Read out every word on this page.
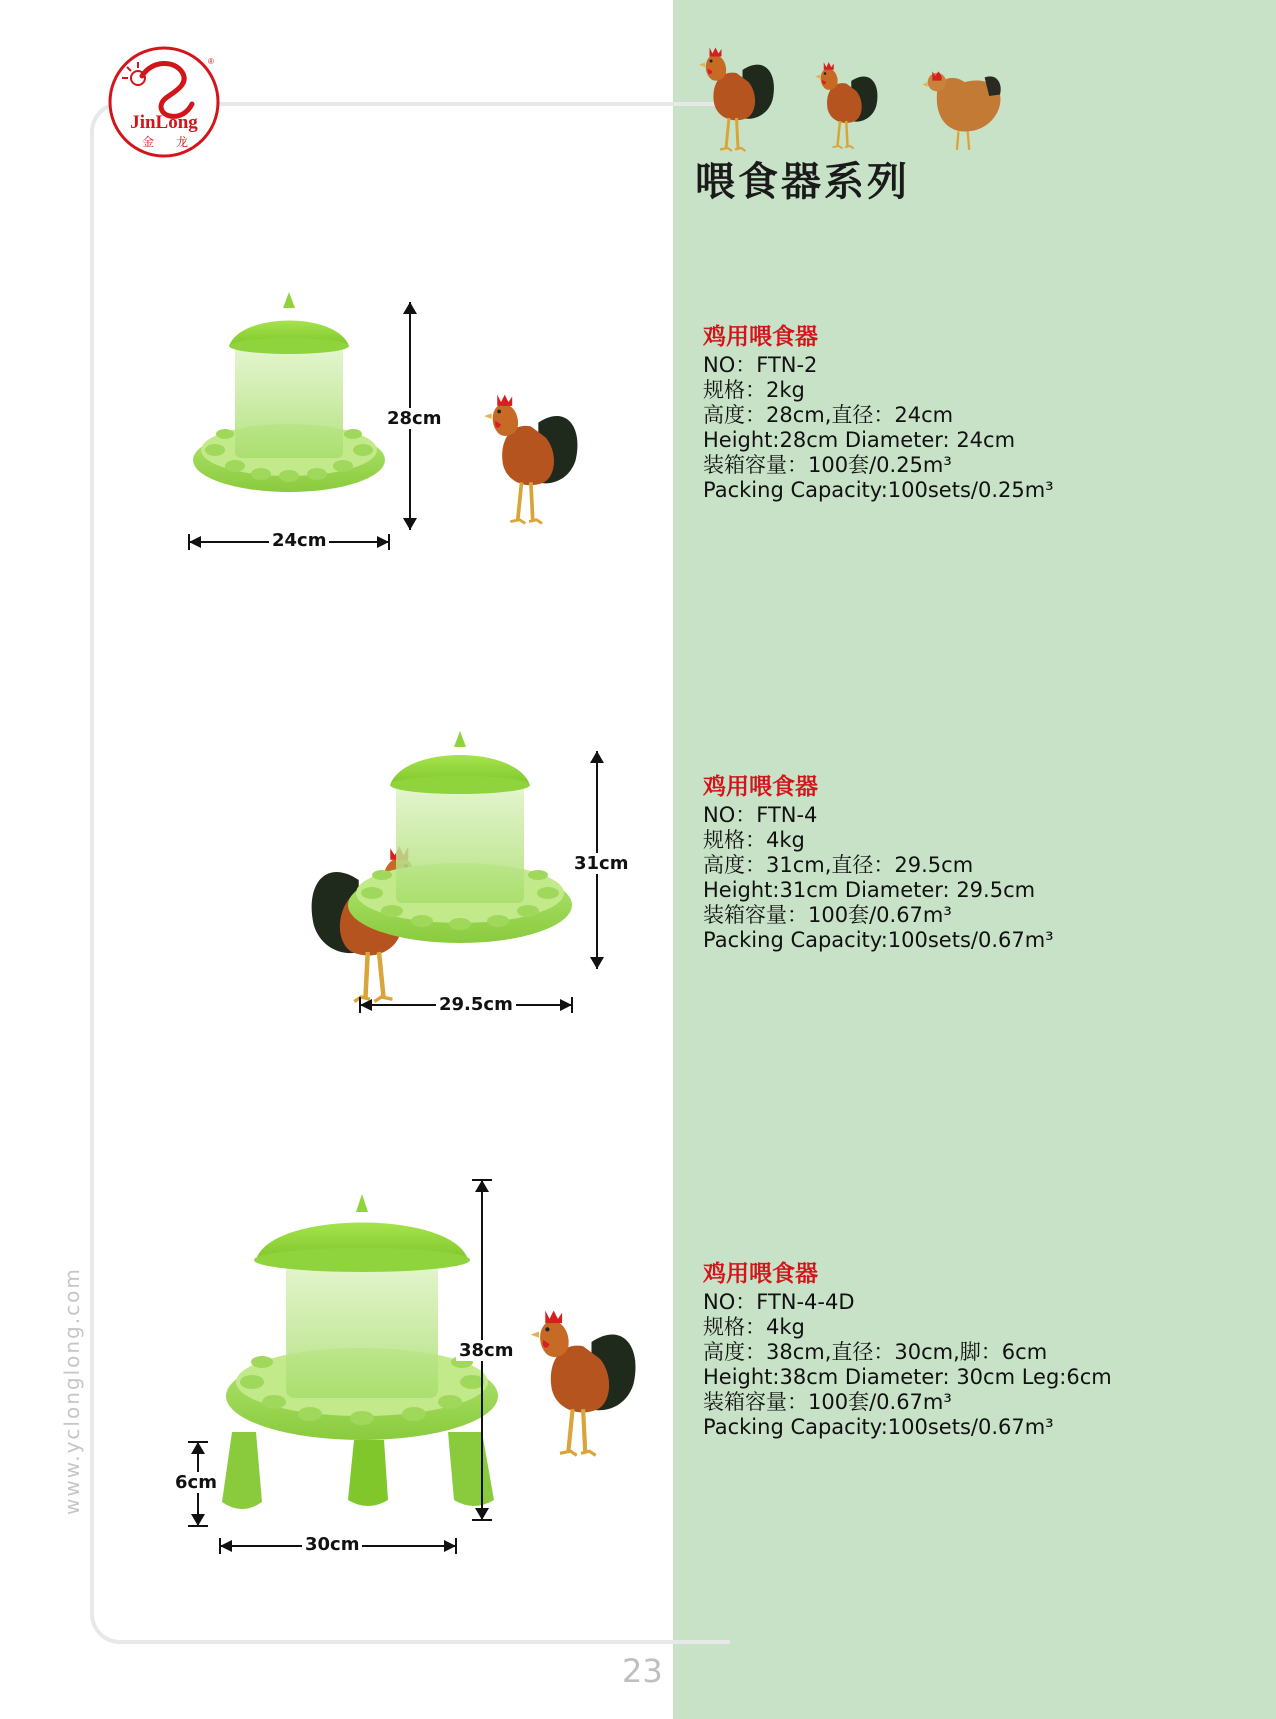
®
JinLong
金 龙
喂食器系列
28cm
24cm
鸡用喂食器
NO：FTN-2
规格：2kg
高度：28cm,直径：24cm
Height:28cm Diameter: 24cm
装箱容量：100套/0.25m³
Packing Capacity:100sets/0.25m³
31cm
29.5cm
鸡用喂食器
NO：FTN-4
规格：4kg
高度：31cm,直径：29.5cm
Height:31cm Diameter: 29.5cm
装箱容量：100套/0.67m³
Packing Capacity:100sets/0.67m³
38cm
6cm
30cm
鸡用喂食器
NO：FTN-4-4D
规格：4kg
高度：38cm,直径：30cm,脚：6cm
Height:38cm Diameter: 30cm Leg:6cm
装箱容量：100套/0.67m³
Packing Capacity:100sets/0.67m³
www.yclonglong.com
23
